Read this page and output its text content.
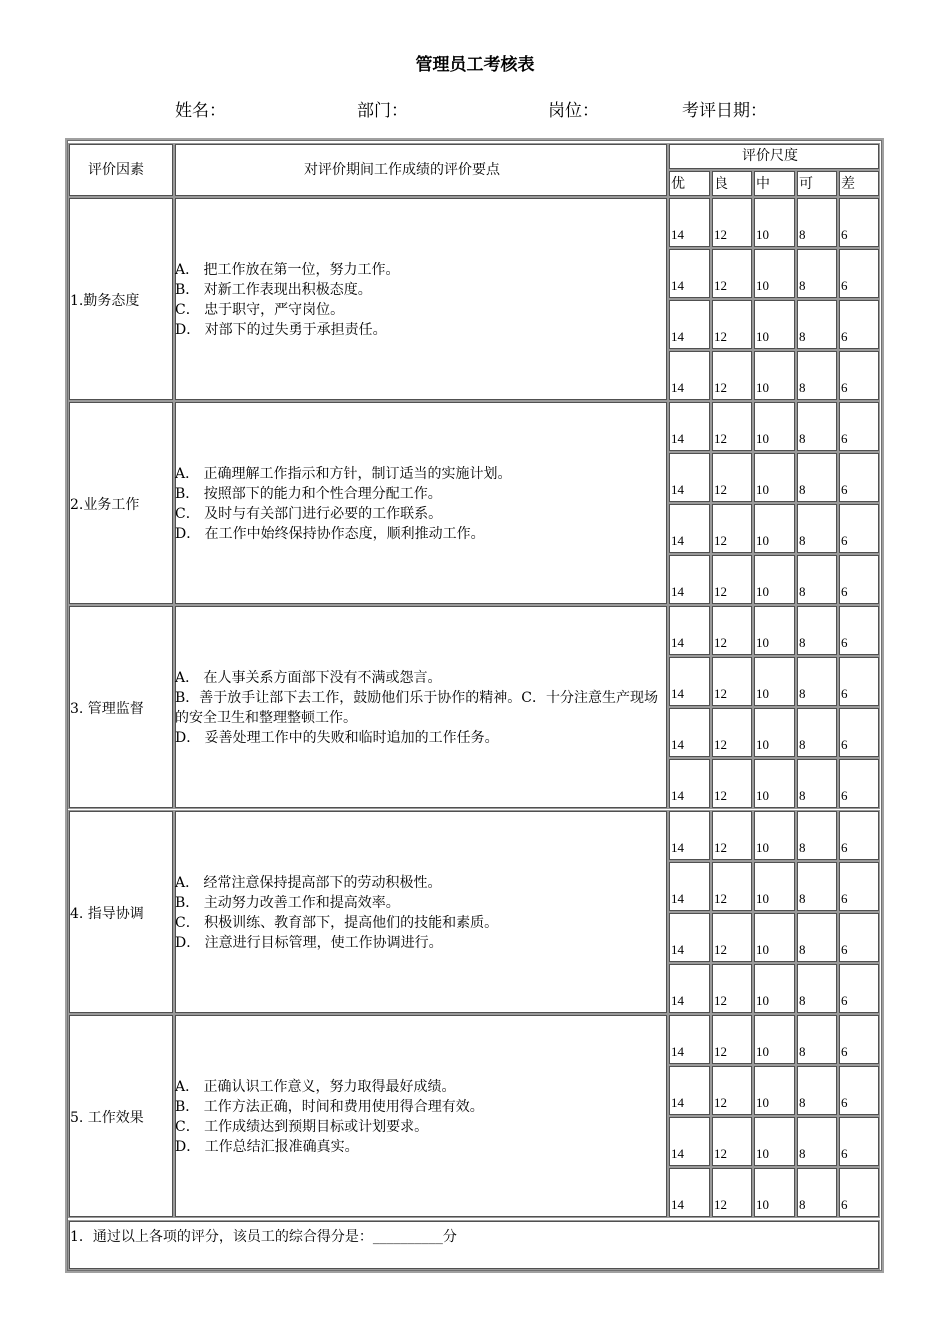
管理员工考核表
姓名：	部门：	岗位：	考评日期：
评价因素	对评价期间工作成绩的评价要点
评价尺度
优 良 中 可 差
1.勤务态度
A． 把工作放在第一位，努力工作。
B． 对新工作表现出积极态度。
C． 忠于职守，严守岗位。
D． 对部下的过失勇于承担责任。
14 12 10 8	6
14 12 10 8	6
14 12 10 8	6
14 12 10 8	6
2.业务工作
A． 正确理解工作指示和方针，制订适当的实施计划。
B． 按照部下的能力和个性合理分配工作。
C． 及时与有关部门进行必要的工作联系。
D． 在工作中始终保持协作态度，顺利推动工作。
14 12 10 8	6
14 12 10 8	6
14 12 10 8	6
14 12 10 8	6
3. 管理监督
A． 在人事关系方面部下没有不满或怨言。
B．善于放手让部下去工作，鼓励他们乐于协作的精神。C．十分注意生产现场的安全卫生和整理整顿工作。
D． 妥善处理工作中的失败和临时追加的工作任务。
14 12 10 8	6
14 12 10 8	6
14 12 10 8	6
14 12 10 8	6
4. 指导协调
A． 经常注意保持提高部下的劳动积极性。
B． 主动努力改善工作和提高效率。
C． 积极训练、教育部下，提高他们的技能和素质。
D． 注意进行目标管理，使工作协调进行。
14 12 10 8	6
14 12 10 8	6
14 12 10 8	6
14 12 10 8	6
5. 工作效果
A． 正确认识工作意义，努力取得最好成绩。
B． 工作方法正确，时间和费用使用得合理有效。
C． 工作成绩达到预期目标或计划要求。
D． 工作总结汇报准确真实。
14 12 10 8	6
14 12 10 8	6
14 12 10 8	6
14 12 10 8	6
1．通过以上各项的评分，该员工的综合得分是：__________分
